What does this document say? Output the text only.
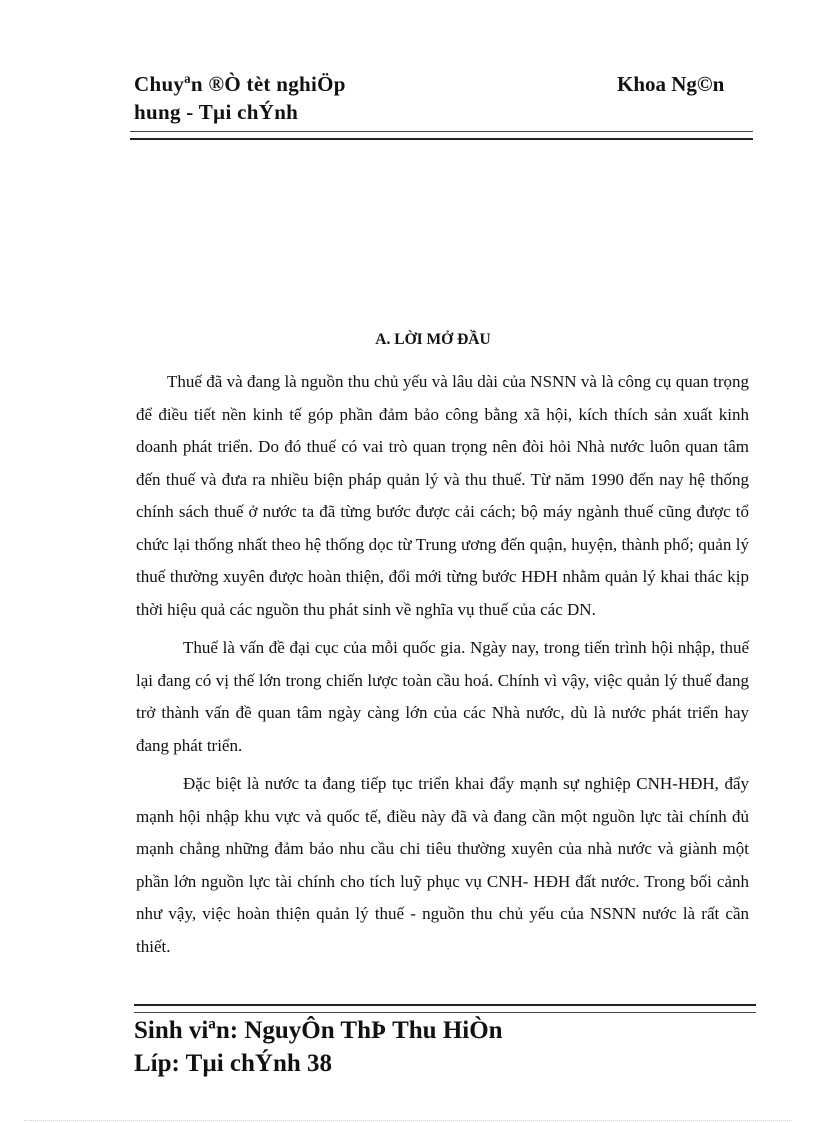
Chuyªn ®Ò tèt nghiÖp
hung - Tµi chÝnh
Khoa Ng©n
A. LỜI MỞ ĐẦU

Thuế đã và đang là nguồn thu chủ yếu và lâu dài của NSNN và là công cụ quan trọng để điều tiết nền kinh tế góp phần đảm bảo công bằng xã hội, kích thích sản xuất kinh doanh phát triển. Do đó thuế có vai trò quan trọng nên đòi hỏi Nhà nước luôn quan tâm đến thuế và đưa ra nhiều biện pháp quản lý và thu thuế. Từ năm 1990 đến nay hệ thống chính sách thuế ở nước ta đã từng bước được cải cách; bộ máy ngành thuế cũng được tổ chức lại thống nhất theo hệ thống dọc từ Trung ương đến quận, huyện, thành phố; quản lý thuế thường xuyên được hoàn thiện, đổi mới từng bước HĐH nhằm quản lý khai thác kịp thời hiệu quả các nguồn thu phát sinh về nghĩa vụ thuế của các DN.

Thuế là vấn đề đại cục của mỗi quốc gia. Ngày nay, trong tiến trình hội nhập, thuế lại đang có vị thế lớn trong chiến lược toàn cầu hoá. Chính vì vậy, việc quản lý thuế đang trở thành vấn đề quan tâm ngày càng lớn của các Nhà nước, dù là nước phát triển hay đang phát triển.

Đặc biệt là nước ta đang tiếp tục triển khai đẩy mạnh sự nghiệp CNH-HĐH, đẩy mạnh hội nhập khu vực và quốc tế, điều này đã và đang cần một nguồn lực tài chính đủ mạnh chẳng những đảm bảo nhu cầu chi tiêu thường xuyên của nhà nước và giành một phần lớn nguồn lực tài chính cho tích luỹ phục vụ CNH- HĐH đất nước. Trong bối cảnh như vậy, việc hoàn thiện quản lý thuế - nguồn thu chủ yếu của NSNN nước là rất cần thiết.

Sinh viªn: NguyÔn ThÞ Thu HiÒn
Líp: Tµi chÝnh 38
